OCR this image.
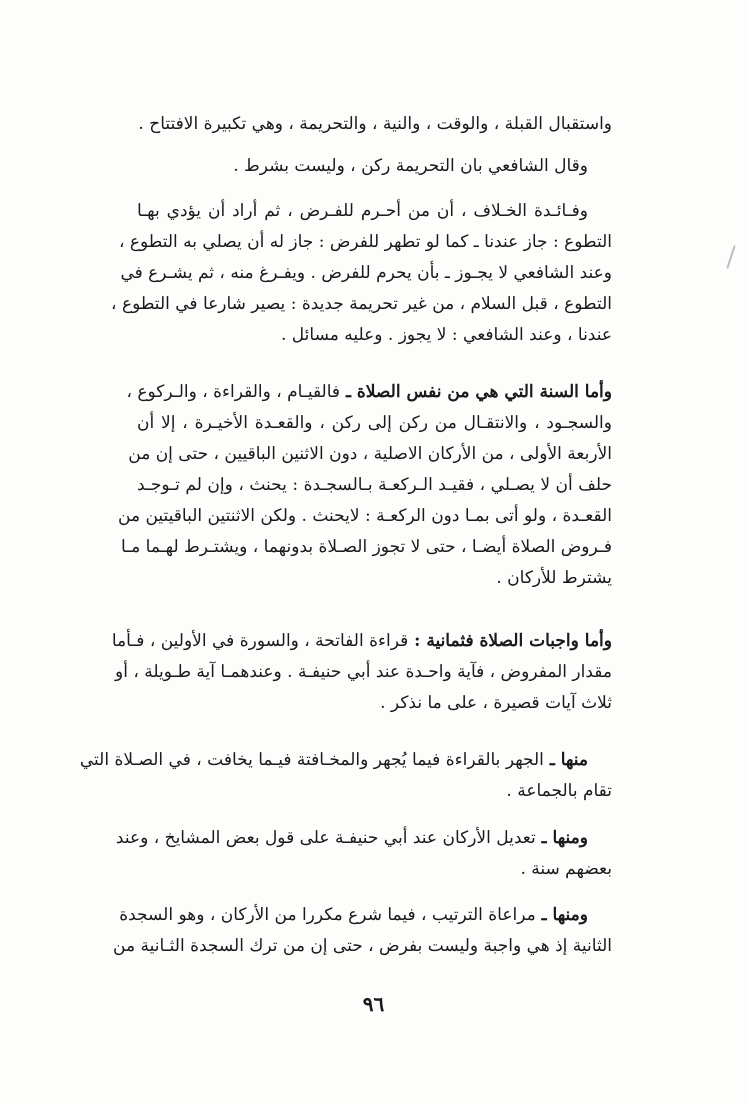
واستقبال القبلة ، والوقت ، والنية ، والتحريمة ، وهي تكبيرة الافتتاح .
وقال الشافعي بان التحريمة ركن ، وليست بشرط .
وفـائـدة الخـلاف ، أن من أحـرم للفـرض ، ثم أراد أن يؤدي بهـا
التطوع : جاز عندنا ـ كما لو تطهر للفرض : جاز له أن يصلي به التطوع ،
وعند الشافعي لا يجـوز ـ بأن يحرم للفرض . ويفـرغ منه ، ثم يشـرع في
التطوع ، قبل السلام ، من غير تحريمة جديدة : يصير شارعا في التطوع ،
عندنا ، وعند الشافعي : لا يجوز . وعليه مسائل .
وأما السنة التي هي من نفس الصلاة ـ فالقيـام ، والقراءة ، والـركوع ،
والسجـود ، والانتقـال من ركن إلى ركن ، والقعـدة الأخيـرة ، إلا أن
الأربعة الأولى ، من الأركان الاصلية ، دون الاثنين الباقيين ، حتى إن من
حلف أن لا يصـلي ، فقيـد الـركعـة بـالسجـدة : يحنث ، وإن لم تـوجـد
القعـدة ، ولو أتى بمـا دون الركعـة : لايحنث . ولكن الاثنتين الباقيتين من
فـروض الصلاة أيضـا ، حتى لا تجوز الصـلاة بدونهما ، ويشتـرط لهـما مـا
يشترط للأركان .
وأما واجبات الصلاة فثمانية : قراءة الفاتحة ، والسورة في الأولين ، فـأما
مقدار المفروض ، فآية واحـدة عند أبي حنيفـة . وعندهمـا آية طـويلة ، أو
ثلاث آيات قصيرة ، على ما نذكر .
منها ـ الجهر بالقراءة فيما يُجهر والمخـافتة فيـما يخافت ، في الصـلاة التي
تقام بالجماعة .
ومنها ـ تعديل الأركان عند أبي حنيفـة على قول بعض المشايخ ، وعند
بعضهم سنة .
ومنها ـ مراعاة الترتيب ، فيما شرع مكررا من الأركان ، وهو السجدة
الثانية إذ هي واجبة وليست بفرض ، حتى إن من ترك السجدة الثـانية من
٩٦
